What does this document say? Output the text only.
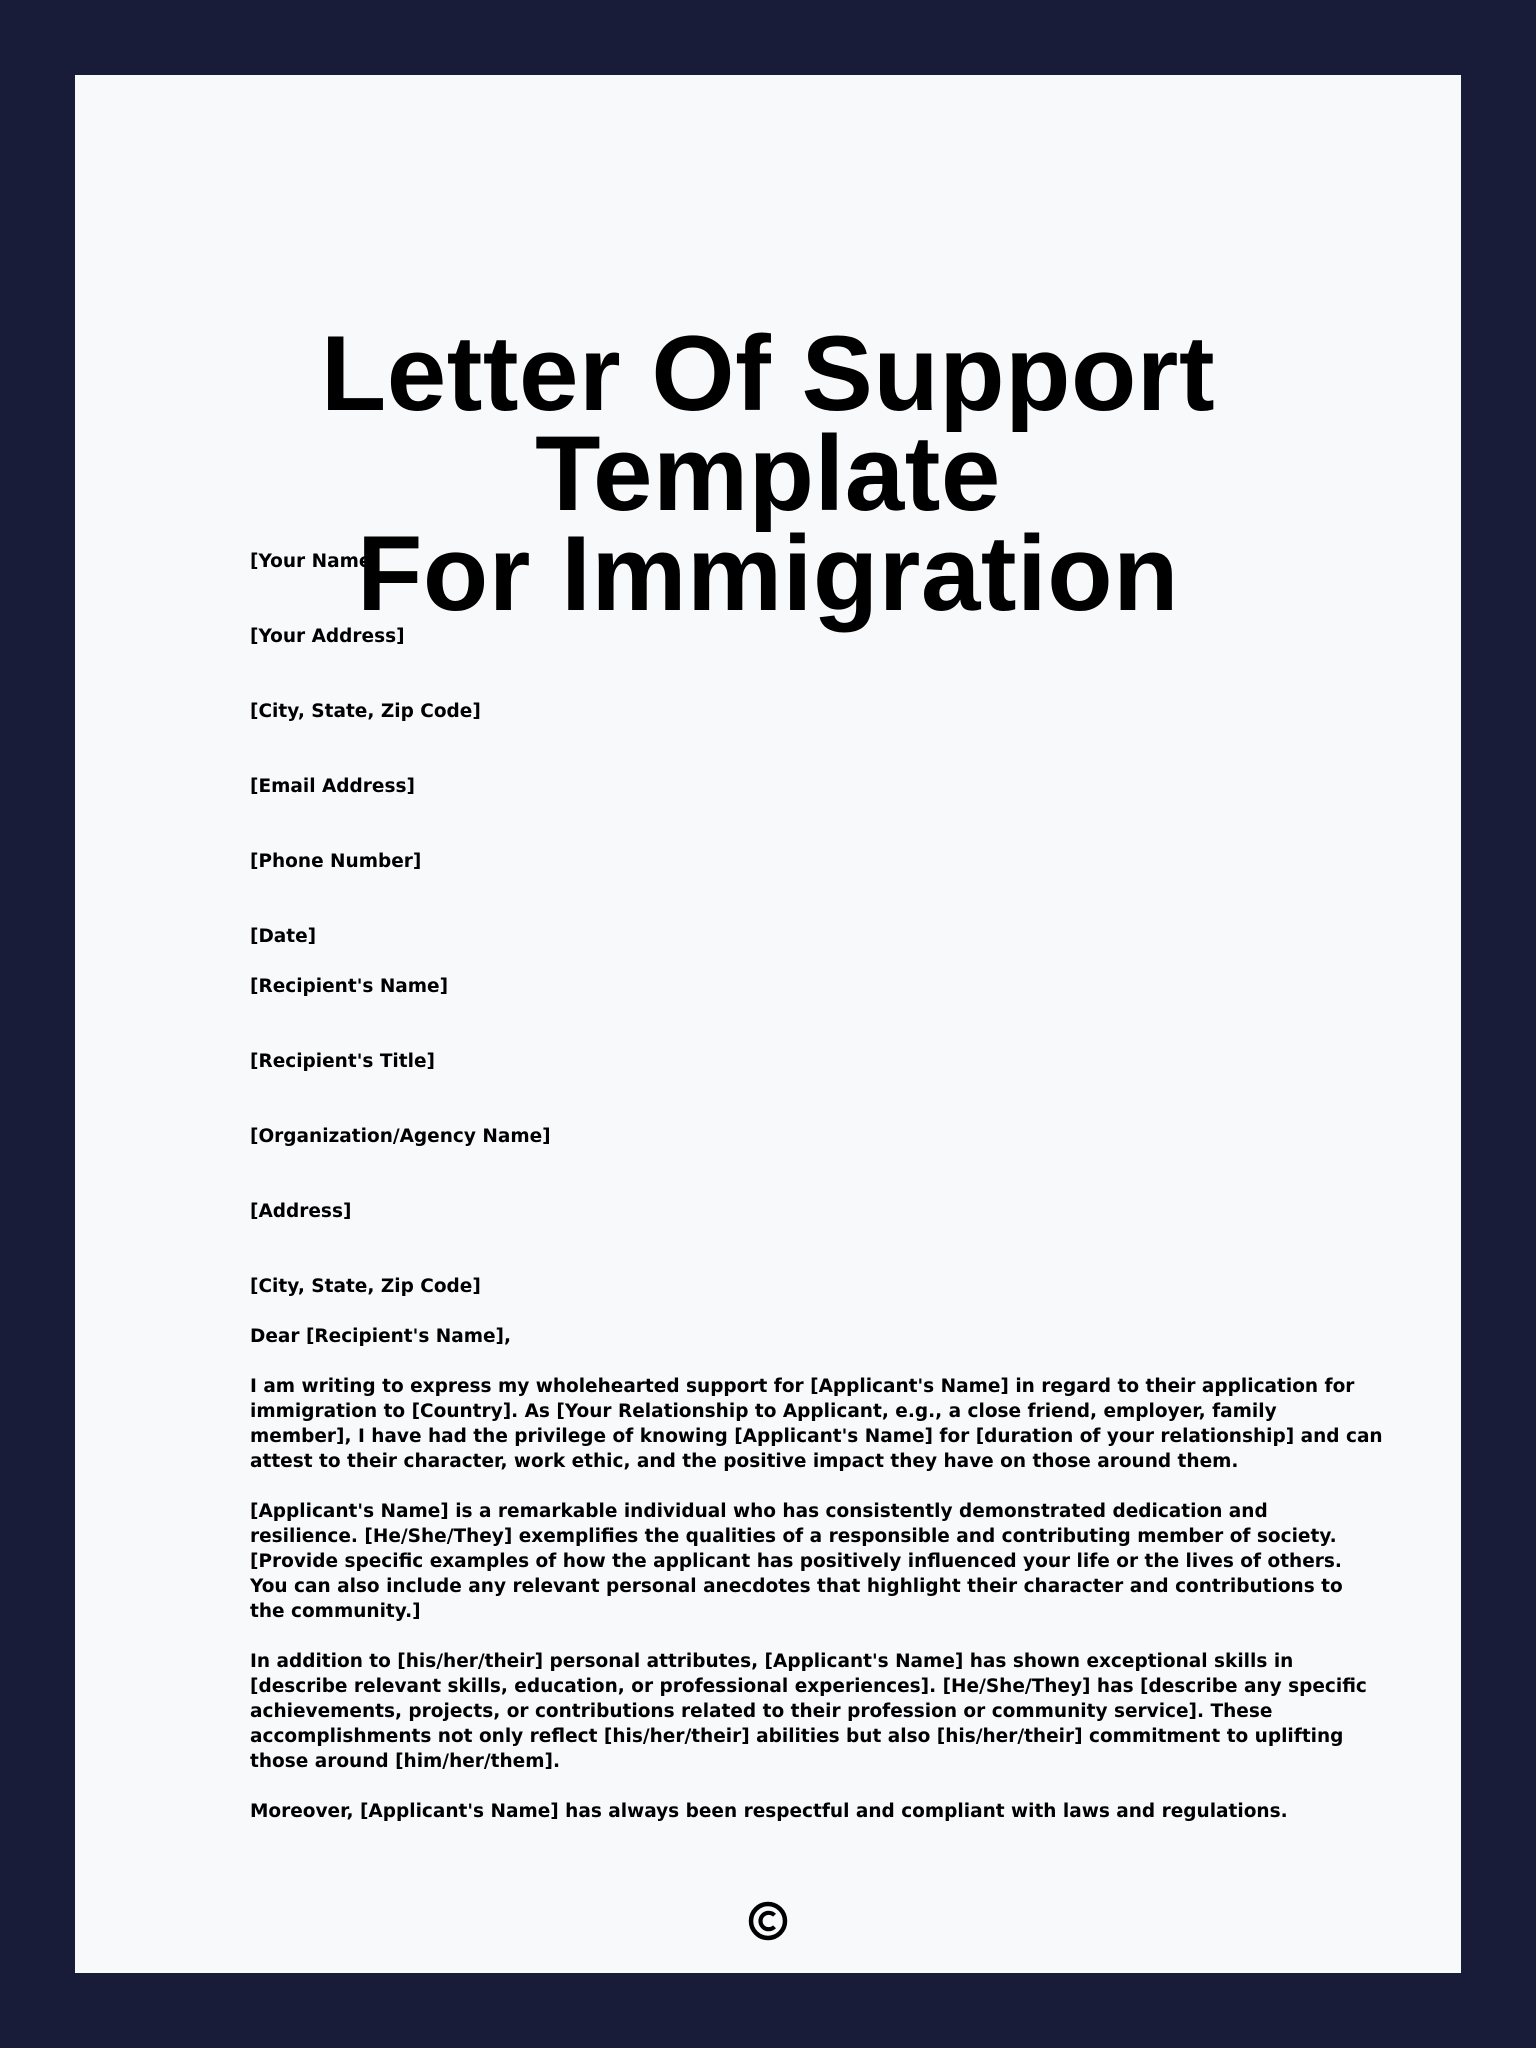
Letter Of Support Template
For Immigration
[Your Name]
[Your Address]
[City, State, Zip Code]
[Email Address]
[Phone Number]
[Date]
[Recipient's Name]
[Recipient's Title]
[Organization/Agency Name]
[Address]
[City, State, Zip Code]
Dear [Recipient's Name],
I am writing to express my wholehearted support for [Applicant's Name] in regard to their application for
immigration to [Country]. As [Your Relationship to Applicant, e.g., a close friend, employer, family
member], I have had the privilege of knowing [Applicant's Name] for [duration of your relationship] and can
attest to their character, work ethic, and the positive impact they have on those around them.
[Applicant's Name] is a remarkable individual who has consistently demonstrated dedication and
resilience. [He/She/They] exemplifies the qualities of a responsible and contributing member of society.
[Provide specific examples of how the applicant has positively influenced your life or the lives of others.
You can also include any relevant personal anecdotes that highlight their character and contributions to
the community.]
In addition to [his/her/their] personal attributes, [Applicant's Name] has shown exceptional skills in
[describe relevant skills, education, or professional experiences]. [He/She/They] has [describe any specific
achievements, projects, or contributions related to their profession or community service]. These
accomplishments not only reflect [his/her/their] abilities but also [his/her/their] commitment to uplifting
those around [him/her/them].
Moreover, [Applicant's Name] has always been respectful and compliant with laws and regulations.
